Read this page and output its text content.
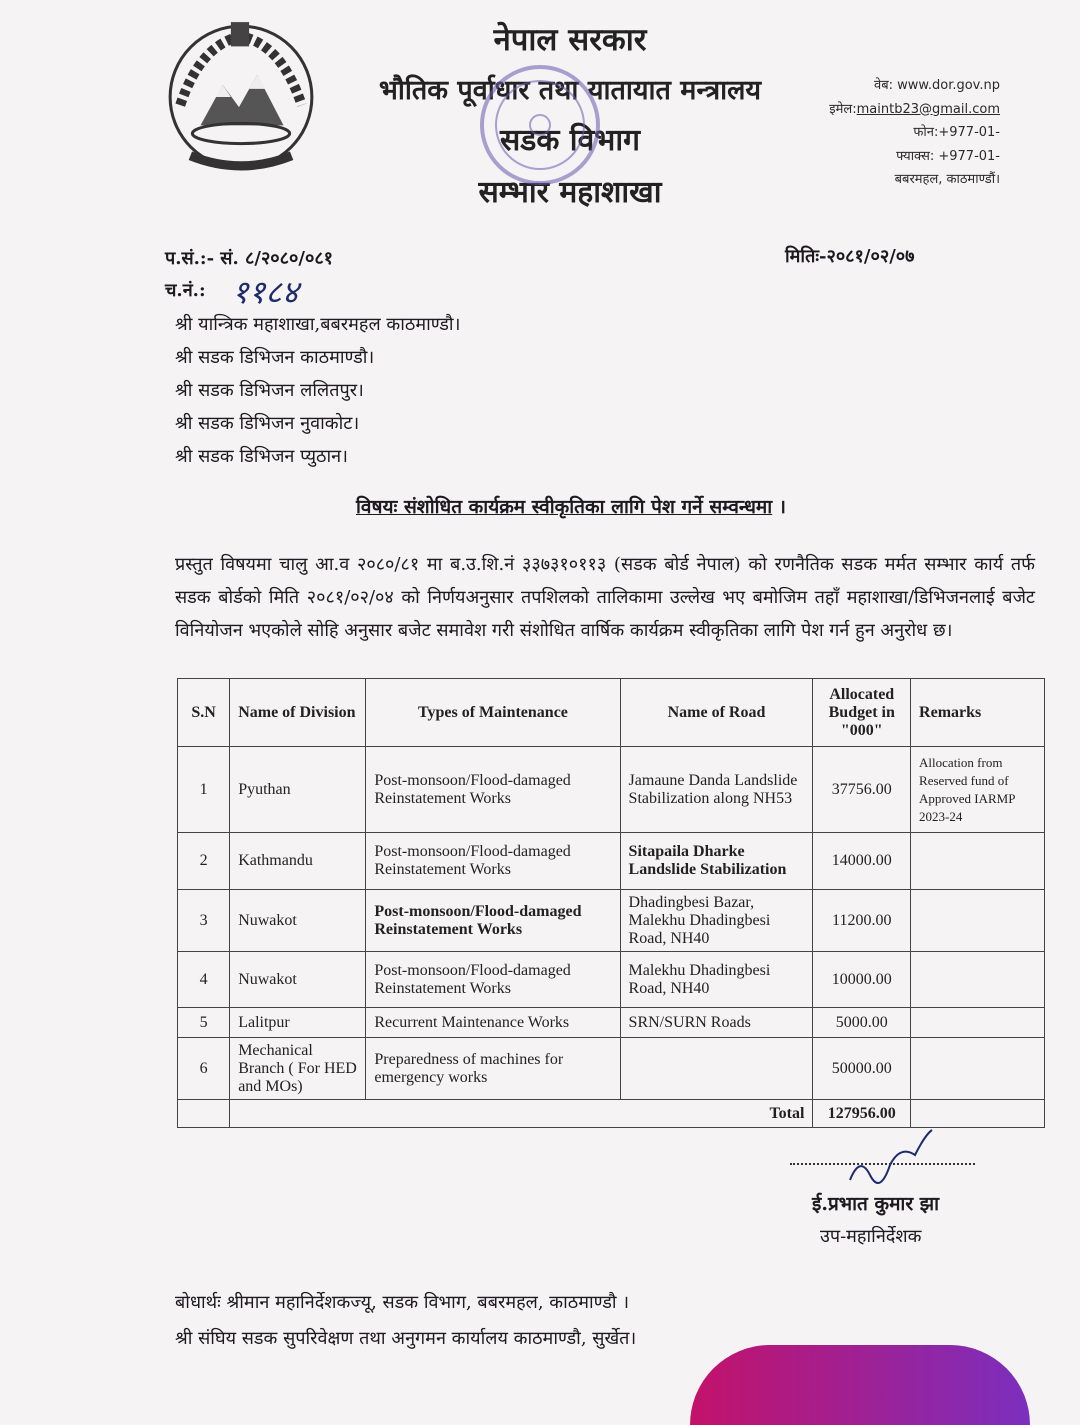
नेपाल सरकार
भौतिक पूर्वाधार तथा यातायात मन्त्रालय
सडक विभाग
सम्भार महाशाखा
वेब: www.dor.gov.np
इमेल:maintb23@gmail.com
फोन:+977-01-
फ्याक्स: +977-01-
बबरमहल, काठमाण्डौं।
प.सं.:- सं. ८/२०८०/०८१	मितिः-२०८१/०२/०७
च.नं.: ११८४
श्री यान्त्रिक महाशाखा,बबरमहल काठमाण्डौ।
श्री सडक डिभिजन काठमाण्डौ।
श्री सडक डिभिजन ललितपुर।
श्री सडक डिभिजन नुवाकोट।
श्री सडक डिभिजन प्युठान।
विषयः संशोधित कार्यक्रम स्वीकृतिका लागि पेश गर्ने सम्वन्धमा ।
प्रस्तुत विषयमा चालु आ.व २०८०/८१ मा ब.उ.शि.नं ३३७३१०११३ (सडक बोर्ड नेपाल) को रणनैतिक सडक मर्मत सम्भार कार्य तर्फ सडक बोर्डको मिति २०८१/०२/०४ को निर्णयअनुसार तपशिलको तालिकामा उल्लेख भए बमोजिम तहाँ महाशाखा/डिभिजनलाई बजेट विनियोजन भएकोले सोहि अनुसार बजेट समावेश गरी संशोधित वार्षिक कार्यक्रम स्वीकृतिका लागि पेश गर्न हुन अनुरोध छ।
S.N	Name of Division	Types of Maintenance	Name of Road	Allocated Budget in "000"	Remarks
1	Pyuthan	Post-monsoon/Flood-damaged Reinstatement Works	Jamaune Danda Landslide Stabilization along NH53	37756.00	Allocation from Reserved fund of Approved IARMP 2023-24
2	Kathmandu	Post-monsoon/Flood-damaged Reinstatement Works	Sitapaila Dharke Landslide Stabilization	14000.00	
3	Nuwakot	Post-monsoon/Flood-damaged Reinstatement Works	Dhadingbesi Bazar, Malekhu Dhadingbesi Road, NH40	11200.00	
4	Nuwakot	Post-monsoon/Flood-damaged Reinstatement Works	Malekhu Dhadingbesi Road, NH40	10000.00	
5	Lalitpur	Recurrent Maintenance Works	SRN/SURN Roads	5000.00	
6	Mechanical Branch ( For HED and MOs)	Preparedness of machines for emergency works		50000.00	
	Total			127956.00	
ई.प्रभात कुमार झा
उप-महानिर्देशक
बोधार्थः श्रीमान महानिर्देशकज्यू, सडक विभाग, बबरमहल, काठमाण्डौ ।
श्री संघिय सडक सुपरिवेक्षण तथा अनुगमन कार्यालय काठमाण्डौ, सुर्खेत।
